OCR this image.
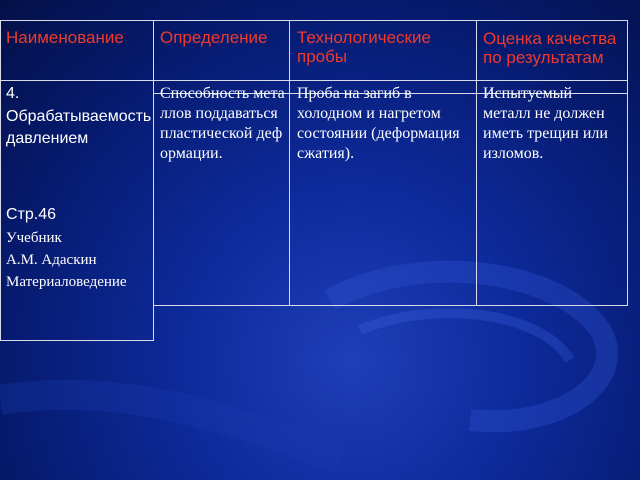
Наименование	Определение	Технологические пробы
Оценка качества по результатам
4.
Обрабатываемость давлением
Стр.46
Учебник
А.М. Адаскин
Материаловедение
Способность металлов поддаваться пластической деформации.
Проба на загиб в холодном и нагретом состоянии (деформация сжатия).
Испытуемый металл не должен иметь трещин или изломов.
